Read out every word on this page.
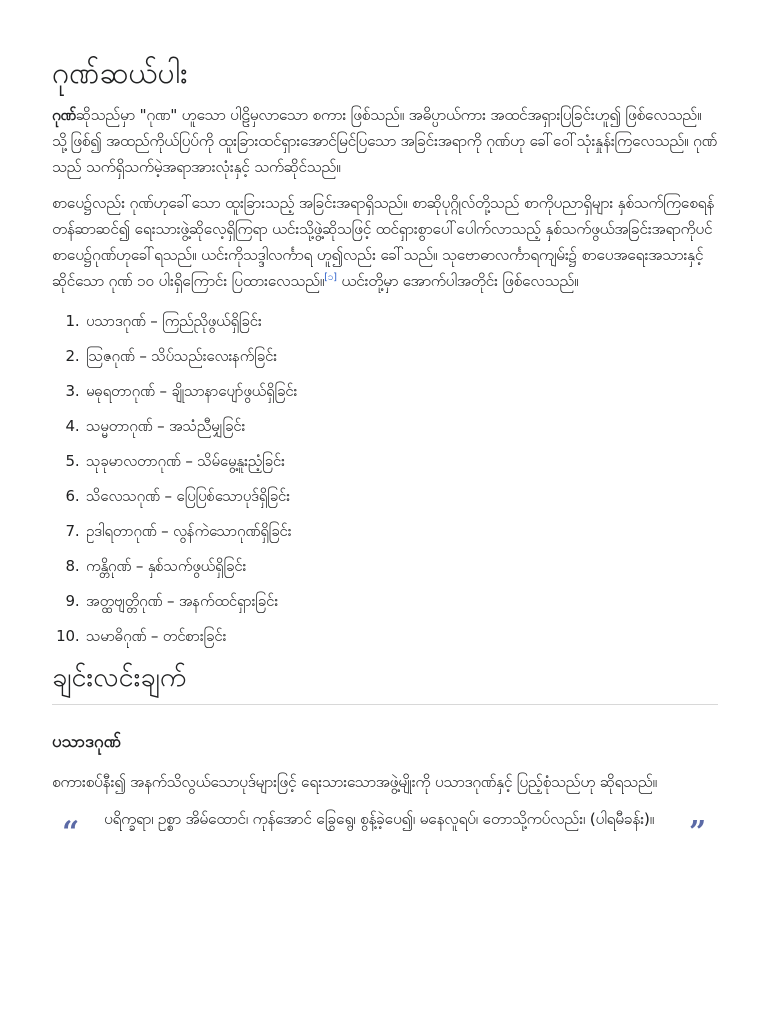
ဂုဏ်ဆယ်ပါး

ဂုဏ်ဆိုသည်မှာ "ဂုဏ" ဟူသော ပါဠိမှလာသော စကား ဖြစ်သည်။ အဓိပ္ပာယ်ကား အထင်အရှားပြခြင်းဟူ၍ ဖြစ်လေသည်။ သို့ဖြစ်၍ အထည်ကိုယ်ပြပ်ကို ထူးခြားထင်ရှားအောင်မြင်ပြသော အခြင်းအရာကို ဂုဏ်ဟု ခေါ်ဝေါ်သုံးနှုန်းကြလေသည်။ ဂုဏ်သည် သက်ရှိသက်မဲ့အရာအားလုံးနှင့် သက်ဆိုင်သည်။

စာပေ၌လည်း ဂုဏ်ဟုခေါ်သော ထူးခြားသည့် အခြင်းအရာရှိသည်။ စာဆိုပုဂ္ဂိုလ်တို့သည် စာကိုပညာရှိများ နှစ်သက်ကြစေရန် တန်ဆာဆင်၍ ရေးသားဖွဲ့ဆိုလေ့ရှိကြရာ ယင်းသို့ဖွဲ့ဆိုသဖြင့် ထင်ရှားစွာပေါ်ပေါက်လာသည့် နှစ်သက်ဖွယ်အခြင်းအရာကိုပင် စာပေ၌ဂုဏ်ဟုခေါ်ရသည်။ ယင်းကိုသဒ္ဒါလင်္ကာရ ဟူ၍လည်း ခေါ်သည်။ သုဗောဓာလင်္ကာရကျမ်း၌ စာပေအရေးအသားနှင့်ဆိုင်သော ဂုဏ် ၁၀ ပါးရှိကြောင်း ပြထားလေသည်။[၁] ယင်းတို့မှာ အောက်ပါအတိုင်း ဖြစ်လေသည်။

1. ပသာဒဂုဏ် – ကြည်ညိုဖွယ်ရှိခြင်း
2. ဩဇဂုဏ် – သိပ်သည်းလေးနက်ခြင်း
3. မဓုရတာဂုဏ် – ချိုသာနာပျော်ဖွယ်ရှိခြင်း
4. သမ္မတာဂုဏ် – အသံညီမျှခြင်း
5. သုခုမာလတာဂုဏ် – သိမ်မွေ့နူးညံ့ခြင်း
6. သိလေသဂုဏ် – ပြေပြစ်သောပုဒ်ရှိခြင်း
7. ဥဒါရတာဂုဏ် – လွန်ကဲသောဂုဏ်ရှိခြင်း
8. ကန္တိဂုဏ် – နှစ်သက်ဖွယ်ရှိခြင်း
9. အတ္ထဗျတ္တိဂုဏ် – အနက်ထင်ရှားခြင်း
10. သမာဓိဂုဏ် – တင်စားခြင်း
ချင်းလင်းချက်
ပသာဒဂုဏ်

စကားစပ်နီး၍ အနက်သိလွယ်သောပုဒ်များဖြင့် ရေးသားသောအဖွဲ့မျိုးကို ပသာဒဂုဏ်နှင့် ပြည့်စုံသည်ဟု ဆိုရသည်။

“ ပရိက္ခရာ၊ ဥစ္စာ အိမ်ထောင်၊ ကုန်အောင် ခြွေရွေ၊ စွန့်ခဲ့ပေ၍၊ မနေလူရပ်၊ တောသို့ကပ်လည်း၊ (ပါရမီခန်း)။ ”
